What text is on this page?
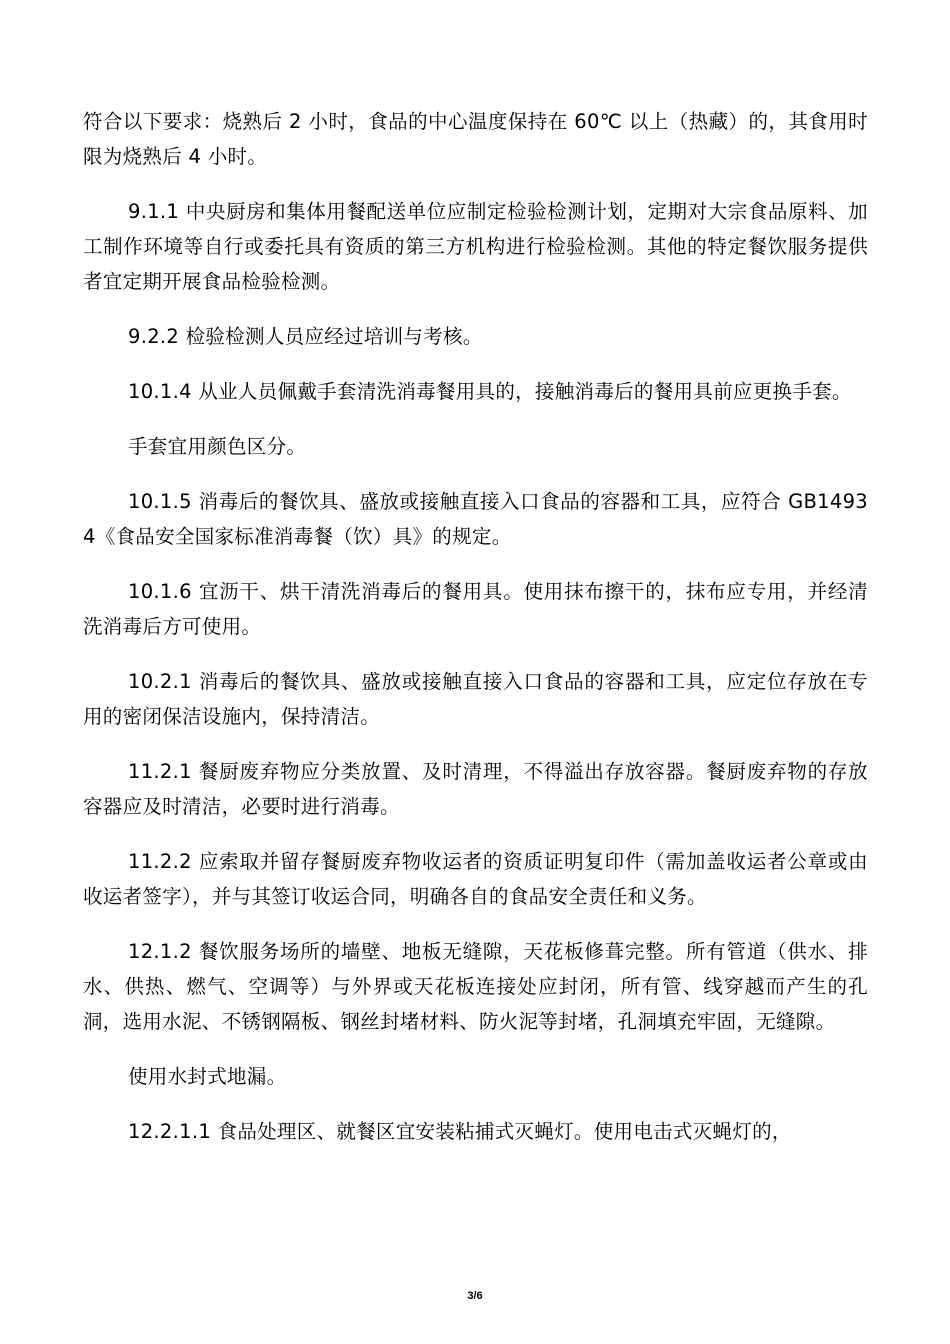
符合以下要求：烧熟后 2 小时，食品的中心温度保持在 60℃ 以上（热藏）的，其食用时限为烧熟后 4 小时。

9.1.1 中央厨房和集体用餐配送单位应制定检验检测计划，定期对大宗食品原料、加工制作环境等自行或委托具有资质的第三方机构进行检验检测。其他的特定餐饮服务提供者宜定期开展食品检验检测。

9.2.2 检验检测人员应经过培训与考核。

10.1.4 从业人员佩戴手套清洗消毒餐用具的，接触消毒后的餐用具前应更换手套。

手套宜用颜色区分。

10.1.5 消毒后的餐饮具、盛放或接触直接入口食品的容器和工具，应符合 GB14934《食品安全国家标准消毒餐（饮）具》的规定。

10.1.6 宜沥干、烘干清洗消毒后的餐用具。使用抹布擦干的，抹布应专用，并经清洗消毒后方可使用。

10.2.1 消毒后的餐饮具、盛放或接触直接入口食品的容器和工具，应定位存放在专用的密闭保洁设施内，保持清洁。

11.2.1 餐厨废弃物应分类放置、及时清理，不得溢出存放容器。餐厨废弃物的存放容器应及时清洁，必要时进行消毒。

11.2.2 应索取并留存餐厨废弃物收运者的资质证明复印件（需加盖收运者公章或由收运者签字），并与其签订收运合同，明确各自的食品安全责任和义务。

12.1.2 餐饮服务场所的墙壁、地板无缝隙，天花板修葺完整。所有管道（供水、排水、供热、燃气、空调等）与外界或天花板连接处应封闭，所有管、线穿越而产生的孔洞，选用水泥、不锈钢隔板、钢丝封堵材料、防火泥等封堵，孔洞填充牢固，无缝隙。

使用水封式地漏。

12.2.1.1 食品处理区、就餐区宜安装粘捕式灭蝇灯。使用电击式灭蝇灯的，

3/6
